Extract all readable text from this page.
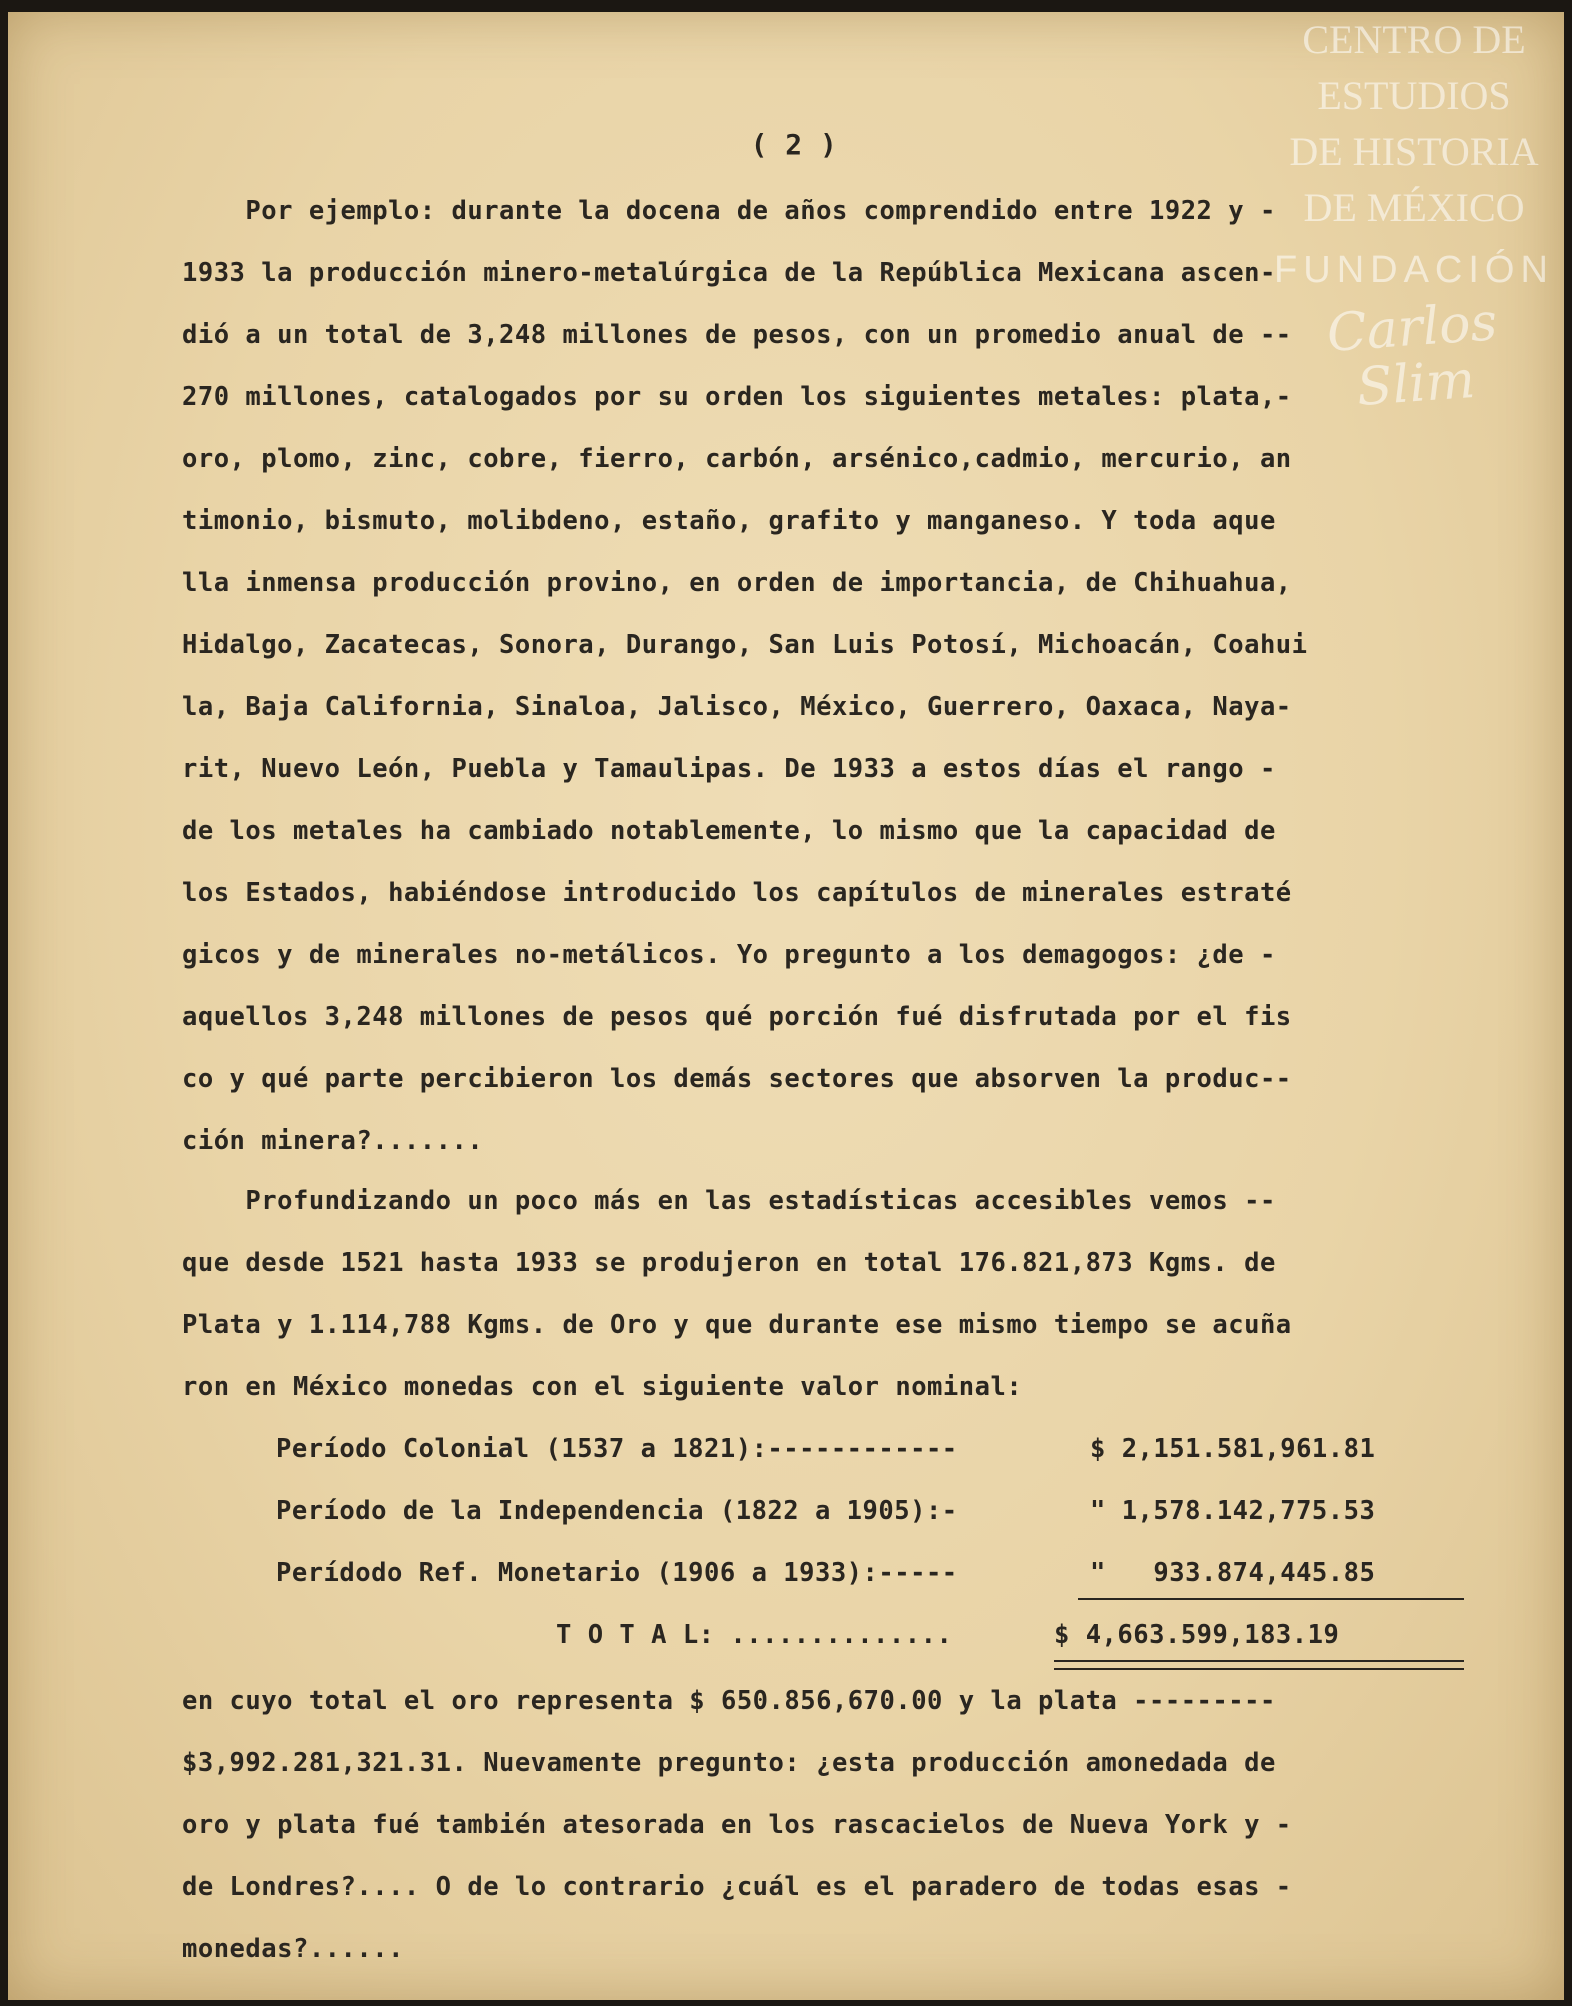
( 2 )
Por ejemplo: durante la docena de años comprendido entre 1922 y -
1933 la producción minero-metalúrgica de la República Mexicana ascen-
dió a un total de 3,248 millones de pesos, con un promedio anual de --
270 millones, catalogados por su orden los siguientes metales: plata,-
oro, plomo, zinc, cobre, fierro, carbón, arsénico,cadmio, mercurio, an
timonio, bismuto, molibdeno, estaño, grafito y manganeso. Y toda aque
lla inmensa producción provino, en orden de importancia, de Chihuahua,
Hidalgo, Zacatecas, Sonora, Durango, San Luis Potosí, Michoacán, Coahui
la, Baja California, Sinaloa, Jalisco, México, Guerrero, Oaxaca, Naya-
rit, Nuevo León, Puebla y Tamaulipas. De 1933 a estos días el rango -
de los metales ha cambiado notablemente, lo mismo que la capacidad de
los Estados, habiéndose introducido los capítulos de minerales estraté
gicos y de minerales no-metálicos. Yo pregunto a los demagogos: ¿de -
aquellos 3,248 millones de pesos qué porción fué disfrutada por el fis
co y qué parte percibieron los demás sectores que absorven la produc--
ción minera?.......
Profundizando un poco más en las estadísticas accesibles vemos --
que desde 1521 hasta 1933 se produjeron en total 176.821,873 Kgms. de
Plata y 1.114,788 Kgms. de Oro y que durante ese mismo tiempo se acuña
ron en México monedas con el siguiente valor nominal:
Período Colonial (1537 a 1821):------------	$ 2,151.581,961.81
Período de la Independencia (1822 a 1905):-	" 1,578.142,775.53
Perídodo Ref. Monetario (1906 a 1933):-----	"   933.874,445.85
T O T A L: ..............	$ 4,663.599,183.19
en cuyo total el oro representa $ 650.856,670.00 y la plata ---------
$3,992.281,321.31. Nuevamente pregunto: ¿esta producción amonedada de
oro y plata fué también atesorada en los rascacielos de Nueva York y -
de Londres?.... O de lo contrario ¿cuál es el paradero de todas esas -
monedas?......
CENTRO DE
ESTUDIOS
DE HISTORIA
DE MÉXICO
FUNDACIÓN
Carlos Slim
